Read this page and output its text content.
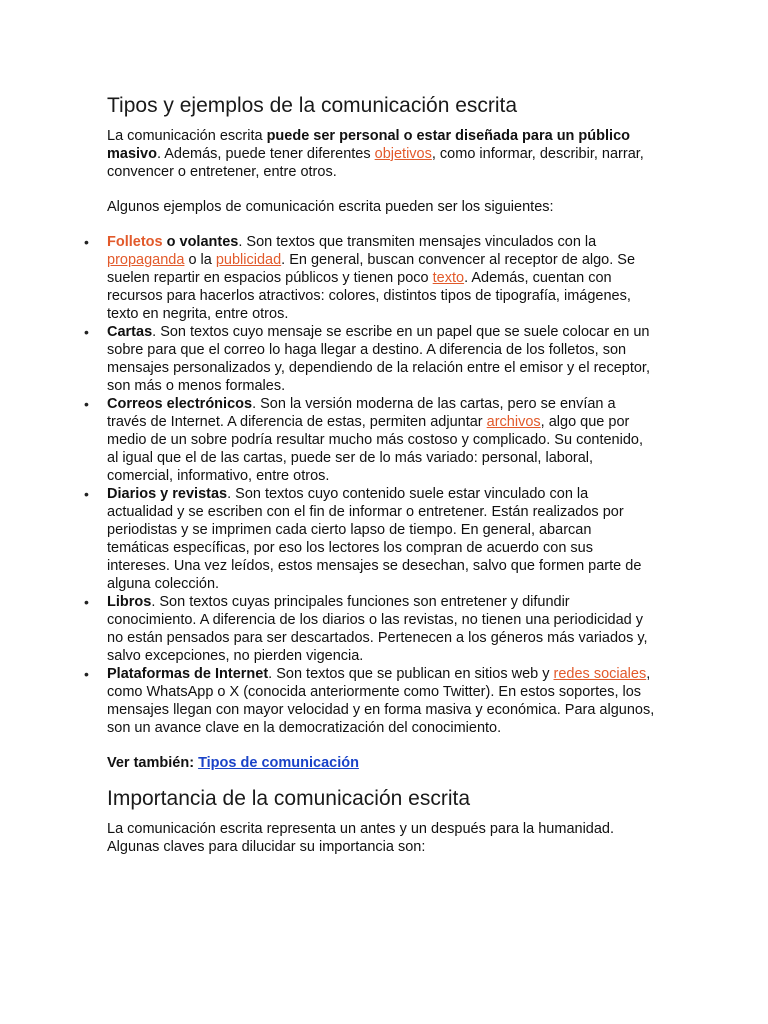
Tipos y ejemplos de la comunicación escrita

La comunicación escrita puede ser personal o estar diseñada para un público masivo. Además, puede tener diferentes objetivos, como informar, describir, narrar, convencer o entretener, entre otros.

Algunos ejemplos de comunicación escrita pueden ser los siguientes:

• Folletos o volantes. Son textos que transmiten mensajes vinculados con la propaganda o la publicidad. En general, buscan convencer al receptor de algo. Se suelen repartir en espacios públicos y tienen poco texto. Además, cuentan con recursos para hacerlos atractivos: colores, distintos tipos de tipografía, imágenes, texto en negrita, entre otros.
• Cartas. Son textos cuyo mensaje se escribe en un papel que se suele colocar en un sobre para que el correo lo haga llegar a destino. A diferencia de los folletos, son mensajes personalizados y, dependiendo de la relación entre el emisor y el receptor, son más o menos formales.
• Correos electrónicos. Son la versión moderna de las cartas, pero se envían a través de Internet. A diferencia de estas, permiten adjuntar archivos, algo que por medio de un sobre podría resultar mucho más costoso y complicado. Su contenido, al igual que el de las cartas, puede ser de lo más variado: personal, laboral, comercial, informativo, entre otros.
• Diarios y revistas. Son textos cuyo contenido suele estar vinculado con la actualidad y se escriben con el fin de informar o entretener. Están realizados por periodistas y se imprimen cada cierto lapso de tiempo. En general, abarcan temáticas específicas, por eso los lectores los compran de acuerdo con sus intereses. Una vez leídos, estos mensajes se desechan, salvo que formen parte de alguna colección.
• Libros. Son textos cuyas principales funciones son entretener y difundir conocimiento. A diferencia de los diarios o las revistas, no tienen una periodicidad y no están pensados para ser descartados. Pertenecen a los géneros más variados y, salvo excepciones, no pierden vigencia.
• Plataformas de Internet. Son textos que se publican en sitios web y redes sociales, como WhatsApp o X (conocida anteriormente como Twitter). En estos soportes, los mensajes llegan con mayor velocidad y en forma masiva y económica. Para algunos, son un avance clave en la democratización del conocimiento.

Ver también: Tipos de comunicación

Importancia de la comunicación escrita

La comunicación escrita representa un antes y un después para la humanidad. Algunas claves para dilucidar su importancia son:
